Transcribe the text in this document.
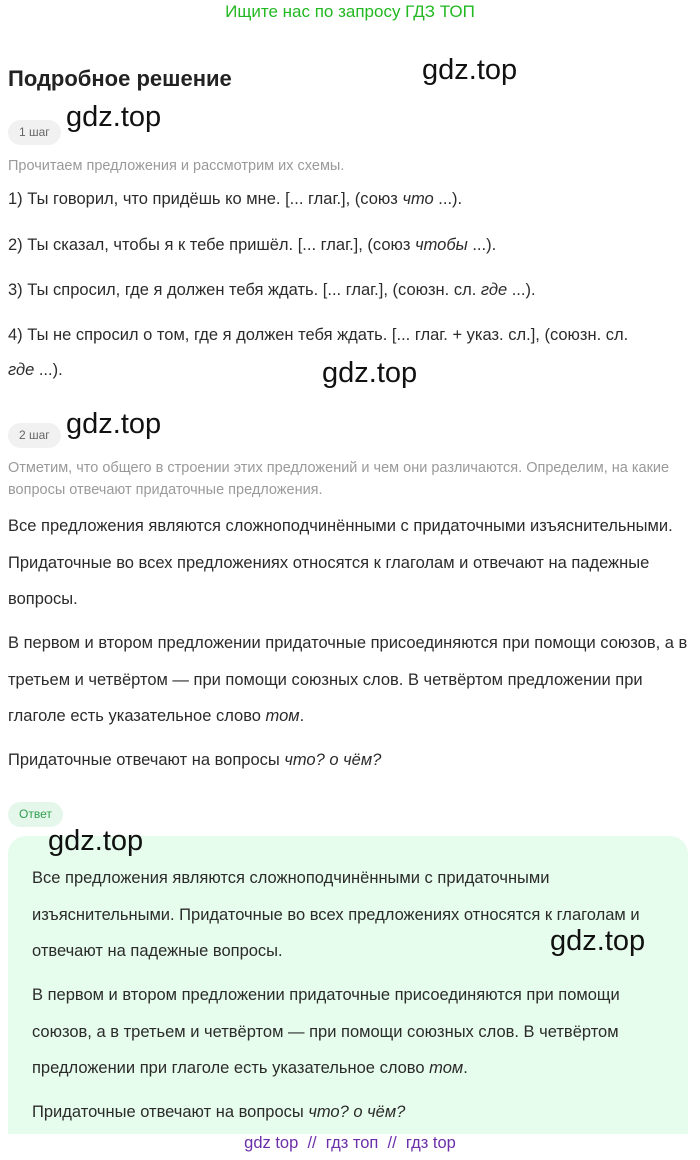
Ищите нас по запросу ГДЗ ТОП
Подробное решение	gdz.top
1 шаг gdz.top
Прочитаем предложения и рассмотрим их схемы.
1) Ты говорил, что придёшь ко мне. [... глаг.], (союз что ...).
2) Ты сказал, чтобы я к тебе пришёл. [... глаг.], (союз чтобы ...).
3) Ты спросил, где я должен тебя ждать. [... глаг.], (союзн. сл. где ...).
4) Ты не спросил о том, где я должен тебя ждать. [... глаг. + указ. сл.], (союзн. сл.
где ...).	gdz.top
2 шаг gdz.top
Отметим, что общего в строении этих предложений и чем они различаются. Определим, на какие вопросы отвечают придаточные предложения.
Все предложения являются сложноподчинёнными с придаточными изъяснительными. Придаточные во всех предложениях относятся к глаголам и отвечают на падежные вопросы.
В первом и втором предложении придаточные присоединяются при помощи союзов, а в третьем и четвёртом — при помощи союзных слов. В четвёртом предложении при глаголе есть указательное слово том.
Придаточные отвечают на вопросы что? о чём?
Ответ
Все предложения являются сложноподчинёнными с придаточными изъяснительными. Придаточные во всех предложениях относятся к глаголам и отвечают на падежные вопросы.
В первом и втором предложении придаточные присоединяются при помощи союзов, а в третьем и четвёртом — при помощи союзных слов. В четвёртом предложении при глаголе есть указательное слово том.
Придаточные отвечают на вопросы что? о чём?
gdz.top
gdz.top
gdz top  //  гдз топ  //  гдз top
